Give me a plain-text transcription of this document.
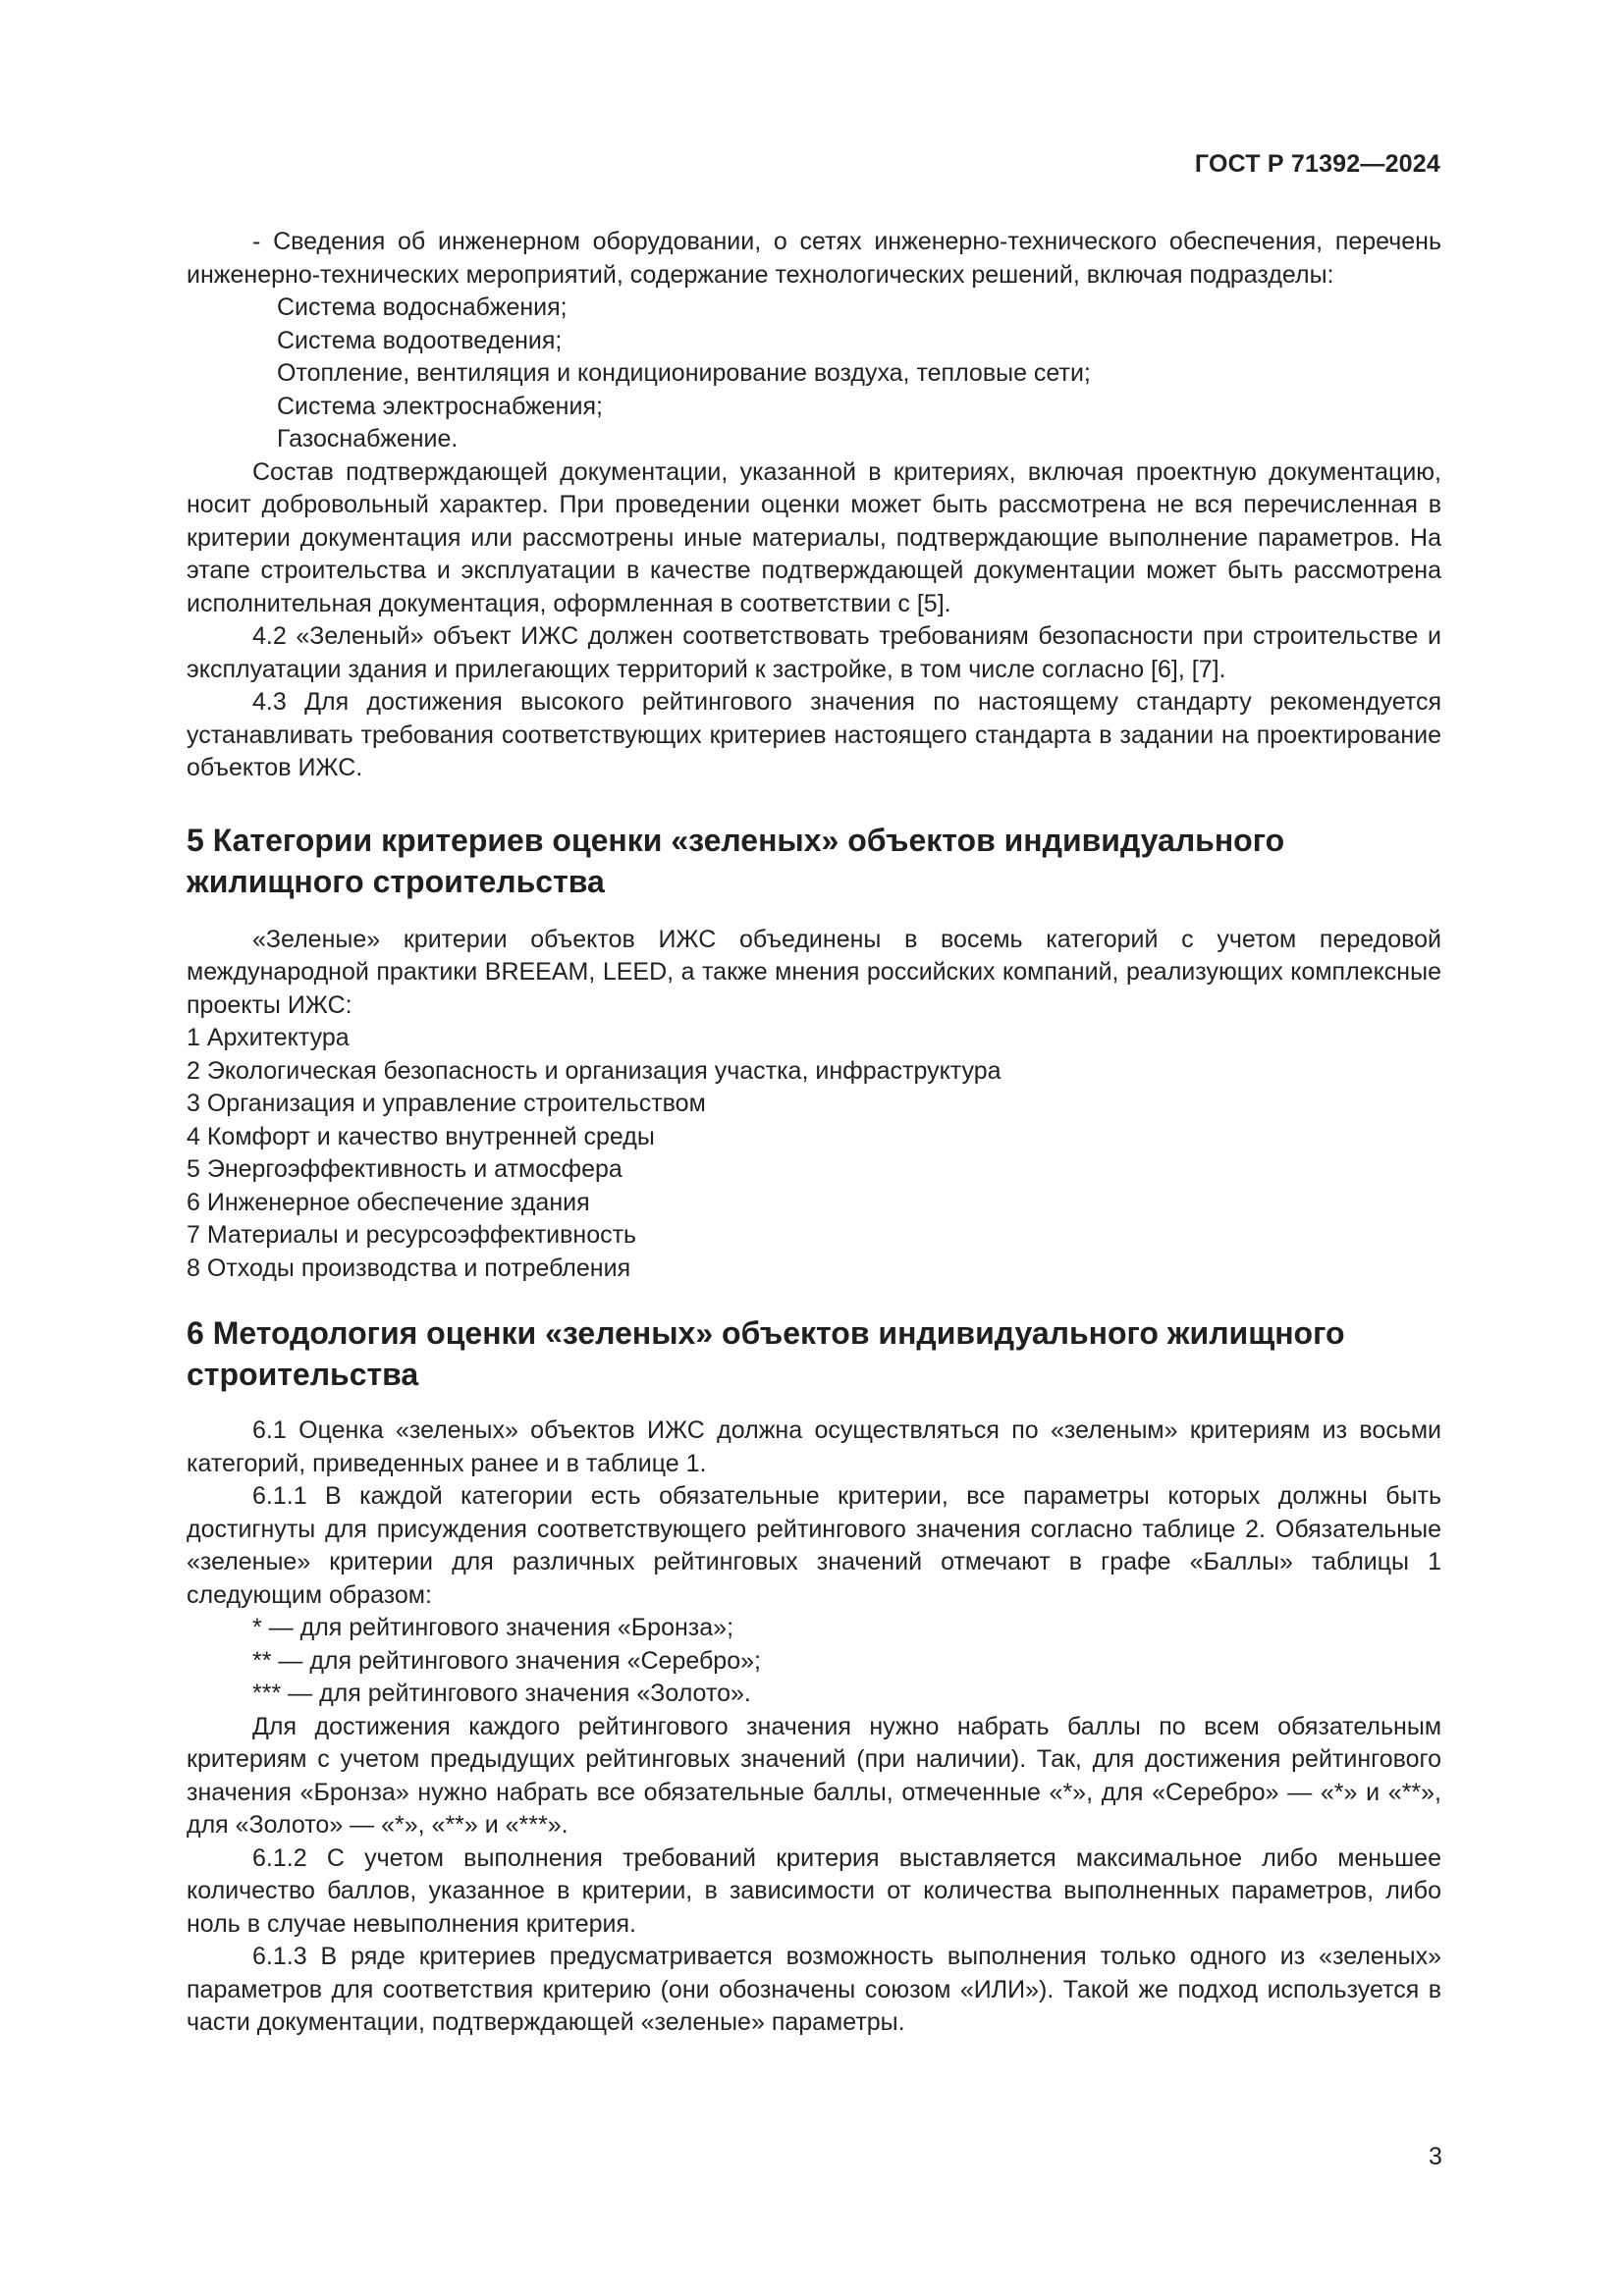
ГОСТ Р 71392—2024

- Сведения об инженерном оборудовании, о сетях инженерно-технического обеспечения, перечень инженерно-технических мероприятий, содержание технологических решений, включая подразделы:

Система водоснабжения;

Система водоотведения;

Отопление, вентиляция и кондиционирование воздуха, тепловые сети;

Система электроснабжения;

Газоснабжение.

Состав подтверждающей документации, указанной в критериях, включая проектную документацию, носит добровольный характер. При проведении оценки может быть рассмотрена не вся перечисленная в критерии документация или рассмотрены иные материалы, подтверждающие выполнение параметров. На этапе строительства и эксплуатации в качестве подтверждающей документации может быть рассмотрена исполнительная документация, оформленная в соответствии с [5].

4.2 «Зеленый» объект ИЖС должен соответствовать требованиям безопасности при строительстве и эксплуатации здания и прилегающих территорий к застройке, в том числе согласно [6], [7].

4.3 Для достижения высокого рейтингового значения по настоящему стандарту рекомендуется устанавливать требования соответствующих критериев настоящего стандарта в задании на проектирование объектов ИЖС.

5 Категории критериев оценки «зеленых» объектов индивидуального жилищного строительства

«Зеленые» критерии объектов ИЖС объединены в восемь категорий с учетом передовой международной практики BREEAM, LEED, а также мнения российских компаний, реализующих комплексные проекты ИЖС:

1 Архитектура

2 Экологическая безопасность и организация участка, инфраструктура

3 Организация и управление строительством

4 Комфорт и качество внутренней среды

5 Энергоэффективность и атмосфера

6 Инженерное обеспечение здания

7 Материалы и ресурсоэффективность

8 Отходы производства и потребления

6 Методология оценки «зеленых» объектов индивидуального жилищного строительства

6.1 Оценка «зеленых» объектов ИЖС должна осуществляться по «зеленым» критериям из восьми категорий, приведенных ранее и в таблице 1.

6.1.1 В каждой категории есть обязательные критерии, все параметры которых должны быть достигнуты для присуждения соответствующего рейтингового значения согласно таблице 2. Обязательные «зеленые» критерии для различных рейтинговых значений отмечают в графе «Баллы» таблицы 1 следующим образом:

* — для рейтингового значения «Бронза»;

** — для рейтингового значения «Серебро»;

*** — для рейтингового значения «Золото».

Для достижения каждого рейтингового значения нужно набрать баллы по всем обязательным критериям с учетом предыдущих рейтинговых значений (при наличии). Так, для достижения рейтингового значения «Бронза» нужно набрать все обязательные баллы, отмеченные «*», для «Серебро» — «*» и «**», для «Золото» — «*», «**» и «***».

6.1.2 С учетом выполнения требований критерия выставляется максимальное либо меньшее количество баллов, указанное в критерии, в зависимости от количества выполненных параметров, либо ноль в случае невыполнения критерия.

6.1.3 В ряде критериев предусматривается возможность выполнения только одного из «зеленых» параметров для соответствия критерию (они обозначены союзом «ИЛИ»). Такой же подход используется в части документации, подтверждающей «зеленые» параметры.

3
